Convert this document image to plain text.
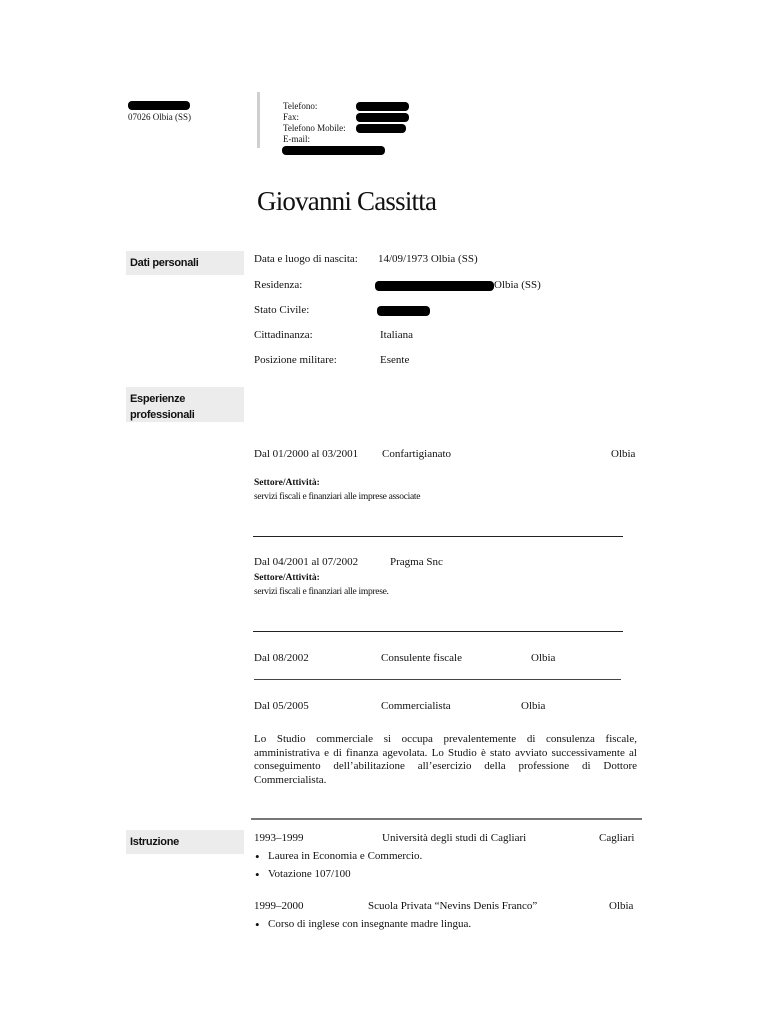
07026 Olbia (SS)
Telefono:
Fax:
Telefono Mobile:
E-mail:
Giovanni Cassitta
Dati personali	Data e luogo di nascita: 14/09/1973 Olbia (SS)
Residenza:	Olbia (SS)
Stato Civile:
Cittadinanza:	Italiana
Posizione militare:	Esente
Esperienze professionali
Dal 01/2000 al 03/2001 Confartigianato	Olbia
Settore/Attività:
servizi fiscali e finanziari alle imprese associate
Dal 04/2001 al 07/2002	Pragma Snc
Settore/Attività:
servizi fiscali e finanziari alle imprese.
Dal 08/2002	Consulente fiscale	Olbia
Dal 05/2005	Commercialista	Olbia
Lo Studio commerciale si occupa prevalentemente di consulenza fiscale, amministrativa e di finanza agevolata. Lo Studio è stato avviato successivamente al conseguimento dell’abilitazione all’esercizio della professione di Dottore Commercialista.
Istruzione	1993–1999	Università degli studi di Cagliari	Cagliari
• Laurea in Economia e Commercio.
• Votazione 107/100
1999–2000	Scuola Privata “Nevins Denis Franco”	Olbia
• Corso di inglese con insegnante madre lingua.
